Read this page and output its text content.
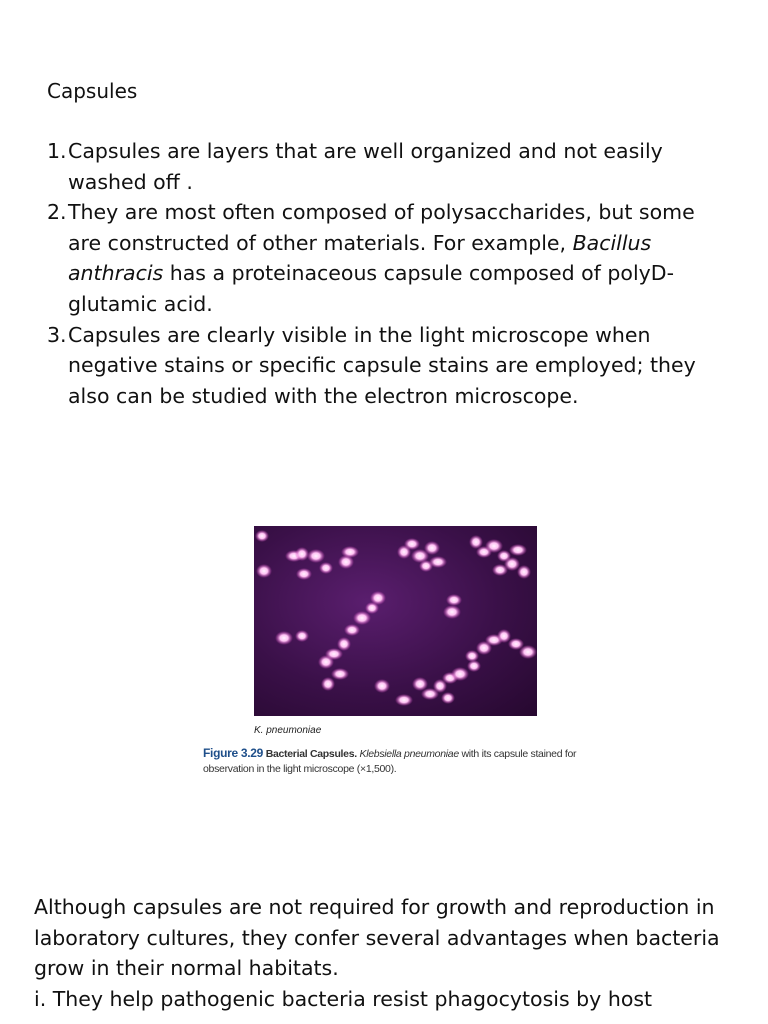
Capsules
1. Capsules are layers that are well organized and not easily washed off .
2. They are most often composed of polysaccharides, but some are constructed of other materials. For example, Bacillus anthracis has a proteinaceous capsule composed of polyD-glutamic acid.
3. Capsules are clearly visible in the light microscope when negative stains or specific capsule stains are employed; they also can be studied with the electron microscope.
K. pneumoniae
Figure 3.29 Bacterial Capsules. Klebsiella pneumoniae with its capsule stained for observation in the light microscope (×1,500).

Although capsules are not required for growth and reproduction in laboratory cultures, they confer several advantages when bacteria grow in their normal habitats.

i. They help pathogenic bacteria resist phagocytosis by host
